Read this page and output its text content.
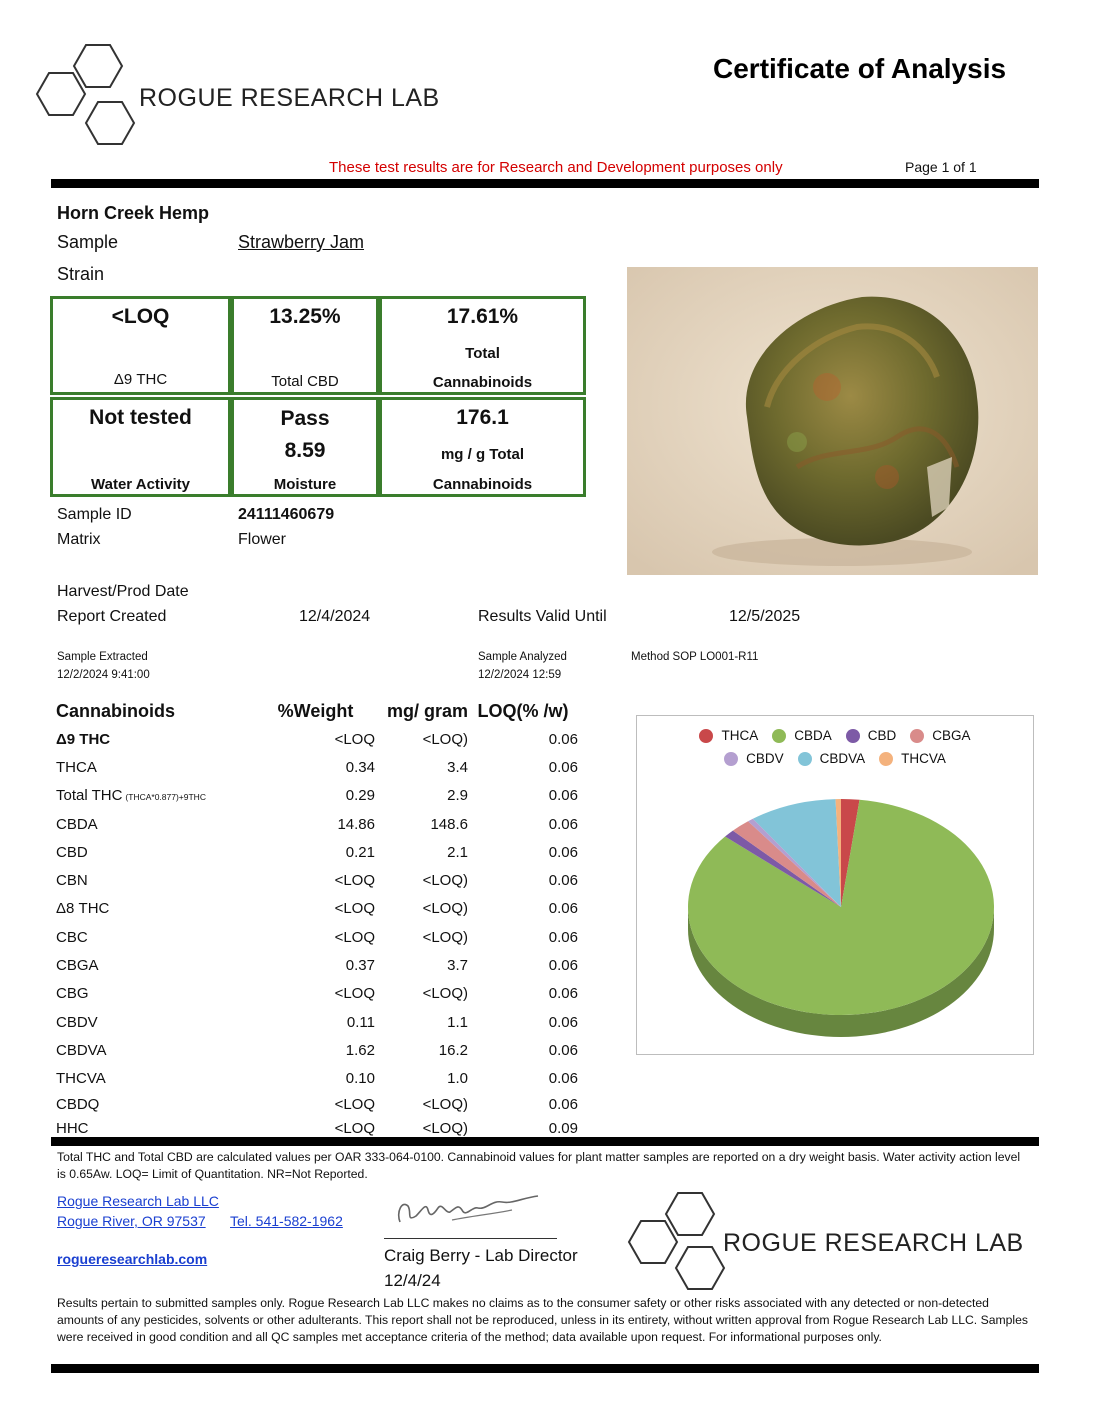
ROGUE RESEARCH LAB
Certificate of Analysis
These test results are for Research and Development purposes only	Page 1 of 1
Horn Creek Hemp
Sample	Strawberry Jam
Strain
<LOQ
Δ9 THC
13.25%
Total CBD
17.61%
Total
Cannabinoids
Not tested
Water Activity
Pass
8.59
Moisture
176.1
mg / g Total
Cannabinoids
Sample ID	24111460679
Matrix	Flower
Harvest/Prod Date
Report Created	12/4/2024	Results Valid Until	12/5/2025
Sample Extracted
12/2/2024 9:41:00
Sample Analyzed
12/2/2024 12:59
Method SOP LO001-R11
Cannabinoids	%Weight	mg/ gram	LOQ(% /w)
Δ9 THC	<LOQ	<LOQ)	0.06
THCA	0.34	3.4	0.06
Total THC (THCA*0.877)+9THC	0.29	2.9	0.06
CBDA	14.86	148.6	0.06
CBD	0.21	2.1	0.06
CBN	<LOQ	<LOQ)	0.06
Δ8 THC	<LOQ	<LOQ)	0.06
CBC	<LOQ	<LOQ)	0.06
CBGA	0.37	3.7	0.06
CBG	<LOQ	<LOQ)	0.06
CBDV	0.11	1.1	0.06
CBDVA	1.62	16.2	0.06
THCVA	0.10	1.0	0.06
CBDQ	<LOQ	<LOQ)	0.06
HHC	<LOQ	<LOQ)	0.09
THCA	CBDA	CBD	CBGA
CBDV	CBDVA	THCVA
Total THC and Total CBD are calculated values per OAR 333-064-0100. Cannabinoid values for plant matter samples are reported on a dry weight basis. Water activity action level is 0.65Aw. LOQ= Limit of Quantitation. NR=Not Reported.
Rogue Research Lab LLC
Rogue River, OR 97537 Tel. 541-582-1962
rogueresearchlab.com	Craig Berry - Lab Director
12/4/24
ROGUE RESEARCH LAB
Results pertain to submitted samples only. Rogue Research Lab LLC makes no claims as to the consumer safety or other risks associated with any detected or non-detected amounts of any pesticides, solvents or other adulterants. This report shall not be reproduced, unless in its entirety, without written approval from Rogue Research Lab LLC. Samples were received in good condition and all QC samples met acceptance criteria of the method; data available upon request. For informational purposes only.
